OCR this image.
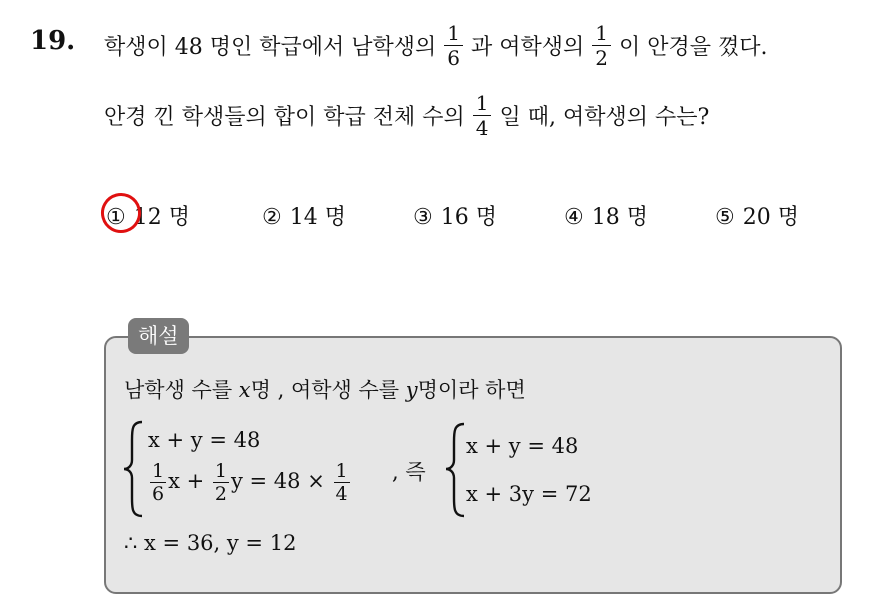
19. 학생이 48 명인 학급에서 남학생의 $\frac{1}{6}$ 과 여학생의 $\frac{1}{2}$ 이 안경을 꼈다.
안경 낀 학생들의 합이 학급 전체 수의 $\frac{1}{4}$ 일 때, 여학생의 수는?
① 12 명	② 14 명	③ 16 명	④ 18 명	⑤ 20 명
해설
남학생 수를 x명 , 여학생 수를 y명이라 하면
x + y = 48
$\frac{1}{6}$ $x + \frac{1}{2}$ $y = 48 \times \frac{1}{4}$ , 즉
x + y = 48
x + 3y = 72
∴ x = 36, y = 12
